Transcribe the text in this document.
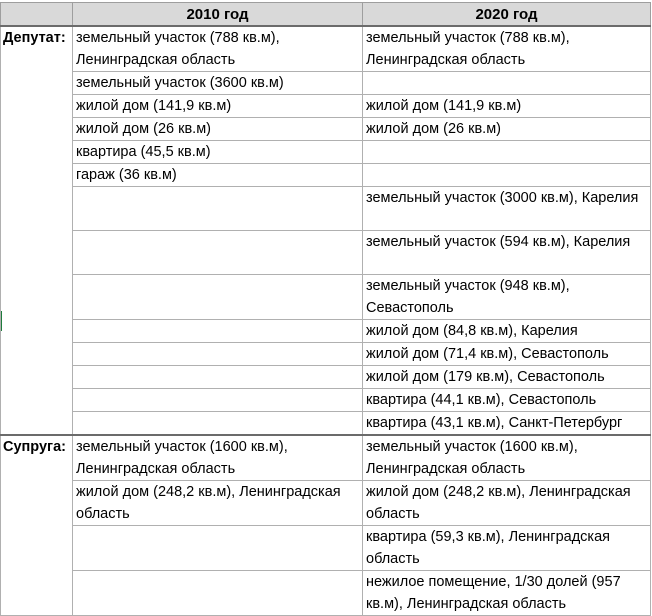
	2010 год	2020 год
Депутат:	земельный участок (788 кв.м), Ленинградская область	земельный участок (788 кв.м), Ленинградская область
	земельный участок (3600 кв.м)	
	жилой дом (141,9 кв.м)	жилой дом (141,9 кв.м)
	жилой дом (26 кв.м)	жилой дом (26 кв.м)
	квартира (45,5 кв.м)	
	гараж (36 кв.м)	
		земельный участок (3000 кв.м), Карелия
		земельный участок (594 кв.м), Карелия
		земельный участок (948 кв.м), Севастополь
		жилой дом (84,8 кв.м), Карелия
		жилой дом (71,4 кв.м), Севастополь
		жилой дом (179 кв.м), Севастополь
		квартира (44,1 кв.м), Севастополь
		квартира (43,1 кв.м), Санкт-Петербург
Супруга:	земельный участок (1600 кв.м), Ленинградская область	земельный участок (1600 кв.м), Ленинградская область
	жилой дом (248,2 кв.м), Ленинградская область	жилой дом (248,2 кв.м), Ленинградская область
		квартира (59,3 кв.м), Ленинградская область
		нежилое помещение, 1/30 долей (957 кв.м), Ленинградская область
